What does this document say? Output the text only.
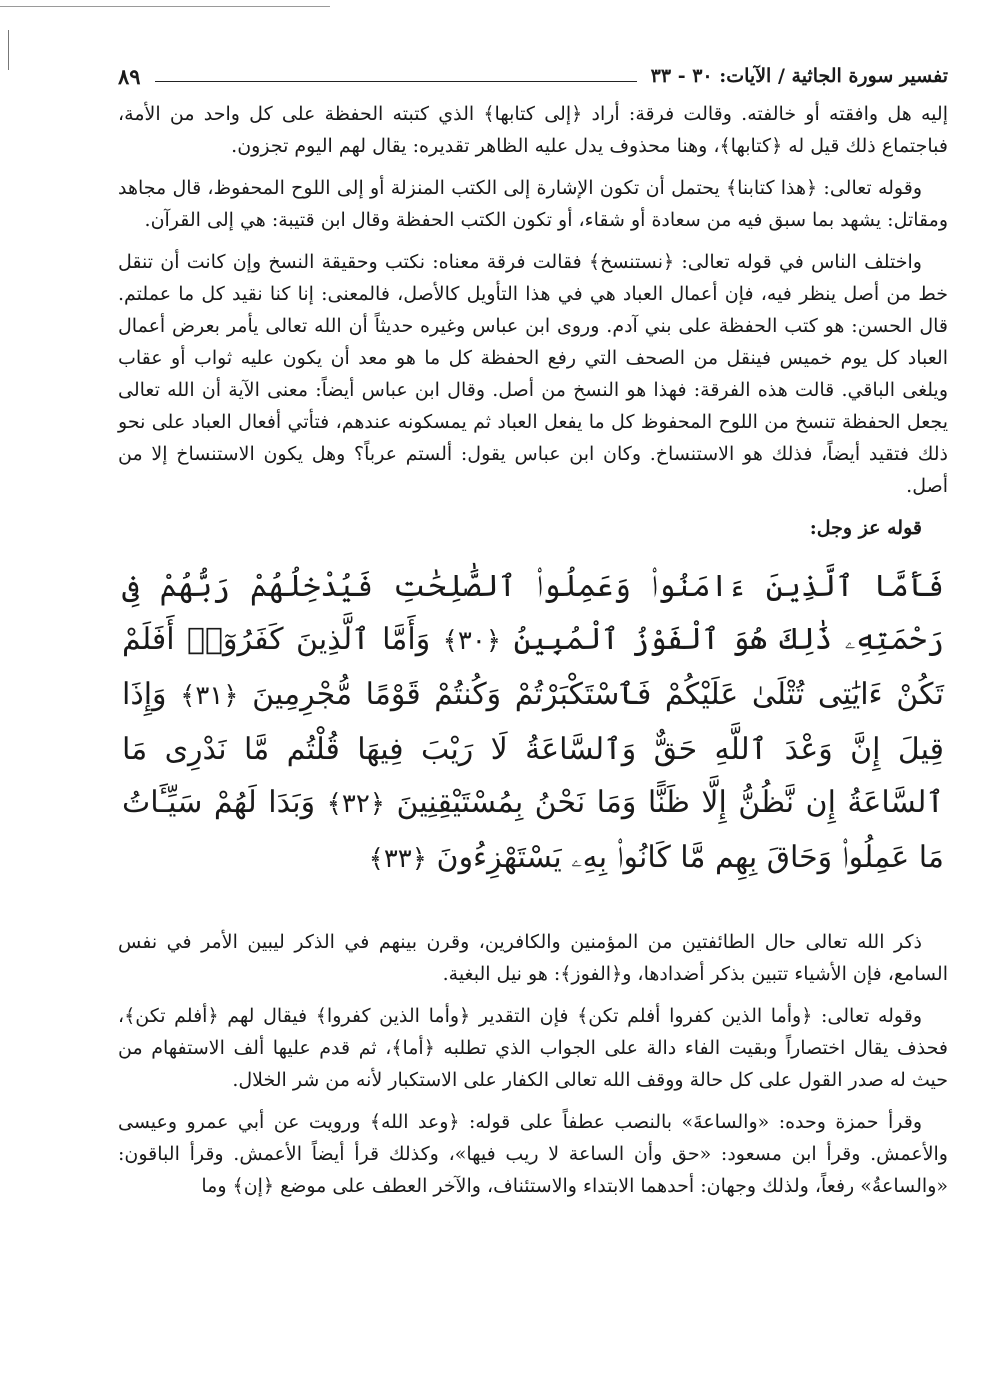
تفسير سورة الجاثية / الآيات: ٣٠ - ٣٣
٨٩

إليه هل وافقته أو خالفته. وقالت فرقة: أراد ﴿إلى كتابها﴾ الذي كتبته الحفظة على كل واحد من الأمة، فباجتماع ذلك قيل له ﴿كتابها﴾، وهنا محذوف يدل عليه الظاهر تقديره: يقال لهم اليوم تجزون.

وقوله تعالى: ﴿هذا كتابنا﴾ يحتمل أن تكون الإشارة إلى الكتب المنزلة أو إلى اللوح المحفوظ، قال مجاهد ومقاتل: يشهد بما سبق فيه من سعادة أو شقاء، أو تكون الكتب الحفظة وقال ابن قتيبة: هي إلى القرآن.

واختلف الناس في قوله تعالى: ﴿نستنسخ﴾ فقالت فرقة معناه: نكتب وحقيقة النسخ وإن كانت أن تنقل خط من أصل ينظر فيه، فإن أعمال العباد هي في هذا التأويل كالأصل، فالمعنى: إنا كنا نقيد كل ما عملتم. قال الحسن: هو كتب الحفظة على بني آدم. وروى ابن عباس وغيره حديثاً أن الله تعالى يأمر بعرض أعمال العباد كل يوم خميس فينقل من الصحف التي رفع الحفظة كل ما هو معد أن يكون عليه ثواب أو عقاب ويلغى الباقي. قالت هذه الفرقة: فهذا هو النسخ من أصل. وقال ابن عباس أيضاً: معنى الآية أن الله تعالى يجعل الحفظة تنسخ من اللوح المحفوظ كل ما يفعل العباد ثم يمسكونه عندهم، فتأتي أفعال العباد على نحو ذلك فتقيد أيضاً، فذلك هو الاستنساخ. وكان ابن عباس يقول: ألستم عرباً؟ وهل يكون الاستنساخ إلا من أصل.

قوله عز وجل:

فَأَمَّا ٱلَّذِينَ ءَامَنُوا۟ وَعَمِلُوا۟ ٱلصَّٰلِحَٰتِ فَيُدْخِلُهُمْ رَبُّهُمْ فِى رَحْمَتِهِۦ ذَٰلِكَ هُوَ ٱلْفَوْزُ ٱلْمُبِينُ ﴿٣٠﴾ وَأَمَّا ٱلَّذِينَ كَفَرُوٓا۟ أَفَلَمْ تَكُنْ ءَايَٰتِى تُتْلَىٰ عَلَيْكُمْ فَٱسْتَكْبَرْتُمْ وَكُنتُمْ قَوْمًا مُّجْرِمِينَ ﴿٣١﴾ وَإِذَا قِيلَ إِنَّ وَعْدَ ٱللَّهِ حَقٌّ وَٱلسَّاعَةُ لَا رَيْبَ فِيهَا قُلْتُم مَّا نَدْرِى مَا ٱلسَّاعَةُ إِن نَّظُنُّ إِلَّا ظَنًّا وَمَا نَحْنُ بِمُسْتَيْقِنِينَ ﴿٣٢﴾ وَبَدَا لَهُمْ سَيِّـَٔاتُ مَا عَمِلُوا۟ وَحَاقَ بِهِم مَّا كَانُوا۟ بِهِۦ يَسْتَهْزِءُونَ ﴿٣٣﴾

ذكر الله تعالى حال الطائفتين من المؤمنين والكافرين، وقرن بينهم في الذكر ليبين الأمر في نفس السامع، فإن الأشياء تتبين بذكر أضدادها، و﴿الفوز﴾: هو نيل البغية.

وقوله تعالى: ﴿وأما الذين كفروا أفلم تكن﴾ فإن التقدير ﴿وأما الذين كفروا﴾ فيقال لهم ﴿أفلم تكن﴾، فحذف يقال اختصاراً وبقيت الفاء دالة على الجواب الذي تطلبه ﴿أما﴾، ثم قدم عليها ألف الاستفهام من حيث له صدر القول على كل حالة ووقف الله تعالى الكفار على الاستكبار لأنه من شر الخلال.

وقرأ حمزة وحده: «والساعةَ» بالنصب عطفاً على قوله: ﴿وعد الله﴾ ورويت عن أبي عمرو وعيسى والأعمش. وقرأ ابن مسعود: «حق وأن الساعة لا ريب فيها»، وكذلك قرأ أيضاً الأعمش. وقرأ الباقون: «والساعةُ» رفعاً، ولذلك وجهان: أحدهما الابتداء والاستئناف، والآخر العطف على موضع ﴿إن﴾ وما
